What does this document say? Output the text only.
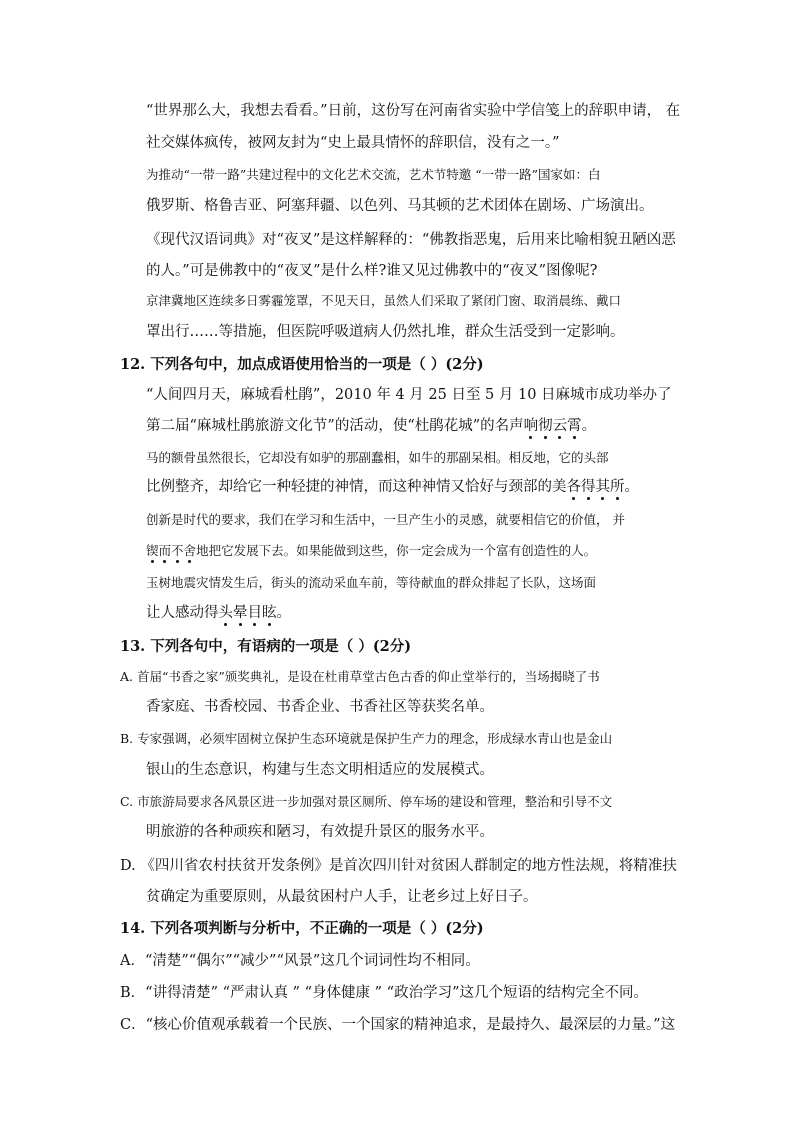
“世界那么大，我想去看看。”日前，这份写在河南省实验中学信笺上的辞职申请， 在
社交媒体疯传，被网友封为“史上最具情怀的辞职信，没有之一。”
为推动“一带一路”共建过程中的文化艺术交流，艺术节特邀 “一带一路”国家如：白
俄罗斯、格鲁吉亚、阿塞拜疆、以色列、马其顿的艺术团体在剧场、广场演出。
《现代汉语词典》对“夜叉”是这样解释的：“佛教指恶鬼，后用来比喻相貌丑陋凶恶
的人。”可是佛教中的“夜叉”是什么样?谁又见过佛教中的“夜叉”图像呢?
京津冀地区连续多日雾霾笼罩，不见天日，虽然人们采取了紧闭门窗、取消晨练、戴口
罩出行……等措施，但医院呼吸道病人仍然扎堆，群众生活受到一定影响。
12. 下列各句中，加点成语使用恰当的一项是（ ）(2分)
“人间四月天，麻城看杜鹃”，2010 年 4 月 25 日至 5 月 10 日麻城市成功举办了
第二届“麻城杜鹃旅游文化节”的活动，使“杜鹃花城”的名声响彻云霄。
马的额骨虽然很长，它却没有如驴的那副蠢相，如牛的那副呆相。相反地，它的头部
比例整齐，却给它一种轻捷的神情，而这种神情又恰好与颈部的美各得其所。
创新是时代的要求，我们在学习和生活中，一旦产生小的灵感，就要相信它的价值， 并
锲而不舍地把它发展下去。如果能做到这些，你一定会成为一个富有创造性的人。
玉树地震灾情发生后，街头的流动采血车前，等待献血的群众排起了长队，这场面
让人感动得头晕目眩。
13. 下列各句中，有语病的一项是（ ）(2分)
A. 首届“书香之家”颁奖典礼，是设在杜甫草堂古色古香的仰止堂举行的，当场揭晓了书
香家庭、书香校园、书香企业、书香社区等获奖名单。
B. 专家强调，必须牢固树立保护生态环境就是保护生产力的理念，形成绿水青山也是金山
银山的生态意识，构建与生态文明相适应的发展模式。
C. 市旅游局要求各风景区进一步加强对景区厕所、停车场的建设和管理，整治和引导不文
明旅游的各种顽疾和陋习，有效提升景区的服务水平。
D. 《四川省农村扶贫开发条例》是首次四川针对贫困人群制定的地方性法规，将精准扶
贫确定为重要原则，从最贫困村户人手，让老乡过上好日子。
14. 下列各项判断与分析中，不正确的一项是（ ）(2分)
A．“清楚”“偶尔”“减少”“风景”这几个词词性均不相同。
B．“讲得清楚” “严肃认真 ” “身体健康 ” “政治学习”这几个短语的结构完全不同。
C．“核心价值观承载着一个民族、一个国家的精神追求，是最持久、最深层的力量。”这
